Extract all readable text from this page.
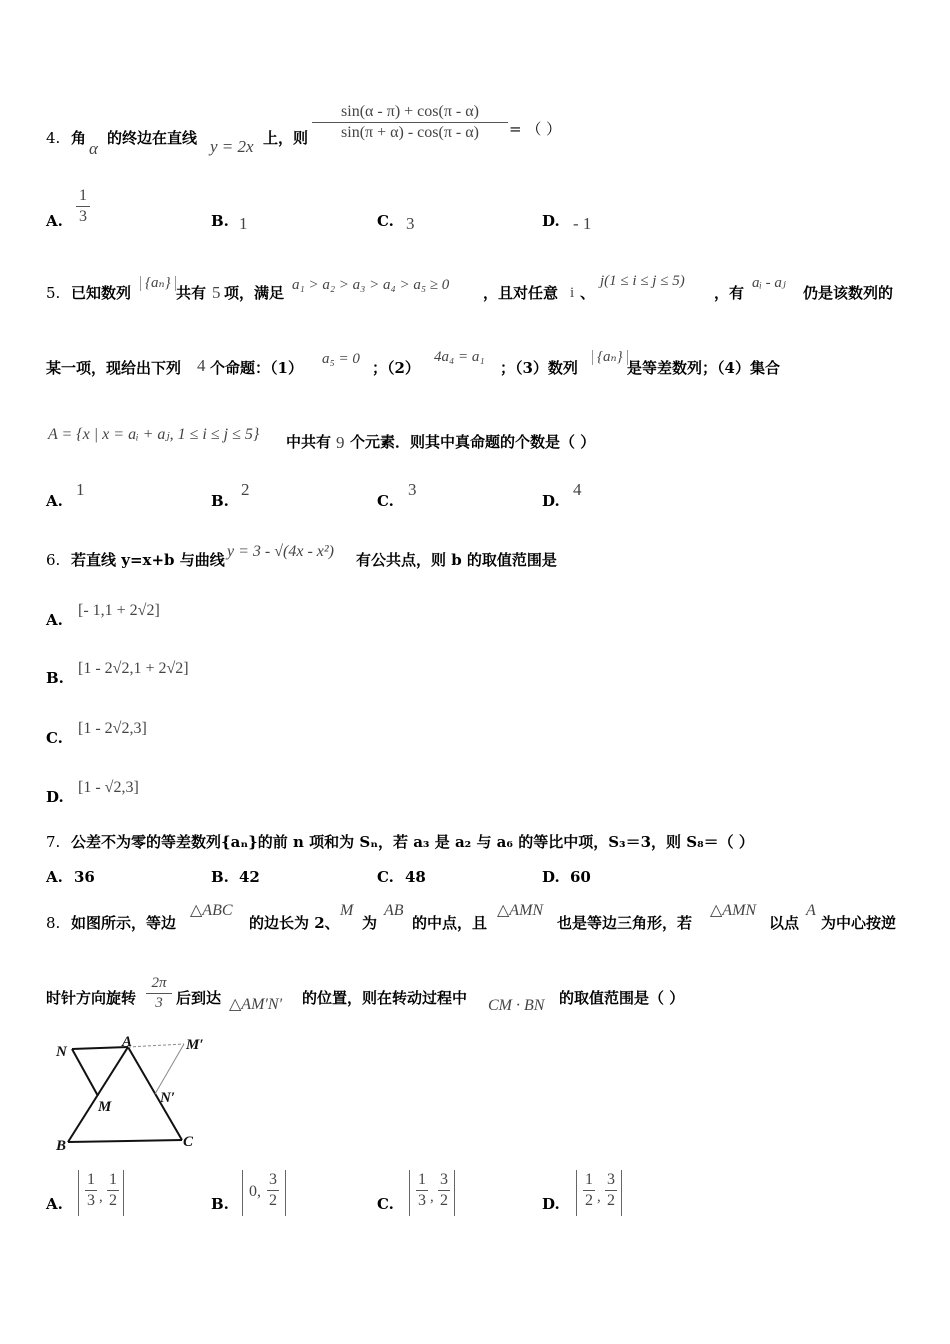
4. 角
α
的终边在直线 y = 2x 上，则
sin(α - π) + cos(π - α)
sin(π + α) - cos(π - α)	= （ ）
A.
1
3	B. 1	C. 3	D. - 1
5. 已知数列
{aₙ}
共有 5 项，满足 a₁ > a₂ > a₃ > a₄ > a₅ ≥ 0 ，且对任意 i 、
j(1 ≤ i ≤ j ≤ 5)
，有
aᵢ - aⱼ
仍是该数列的
某一项，现给出下列 4 个命题：（1） a₅ = 0 ；（2）
4a₄ = a₁
；（3）数列
{aₙ}
是等差数列；（4）集合
A = {x | x = aᵢ + aⱼ, 1 ≤ i ≤ j ≤ 5} 中共有 9 个元素．则其中真命题的个数是（ ）
A.
1
B.
2
C.
3
D.
4
6. 若直线 y=x+b 与曲线 y = 3 - √(4x - x²) 有公共点，则 b 的取值范围是
A.
[- 1,1 + 2√2]
B.
[1 - 2√2,1 + 2√2]
C.
[1 - 2√2,3]
D.
[1 - √2,3]
7. 公差不为零的等差数列{aₙ}的前 n 项和为 Sₙ，若 a₃ 是 a₂ 与 a₆ 的等比中项，S₃＝3，则 S₈＝（ ）
A. 36	B. 42	C. 48	D. 60
8. 如图所示，等边
△ABC
的边长为 2、
M
为
AB
的中点，且
△AMN
也是等边三角形，若
△AMN
以点
A
为中心按逆
时针方向旋转
2π
3 后到达 △AM′N′ 的位置，则在转动过程中 CM · BN 的取值范围是（ ）
N
A	M′
M
N′
B	C
A.
1
3 ,
1
2	B.
0,
3
2	C.
1
3 ,
3
2	D.
1
2 ,
3
2
